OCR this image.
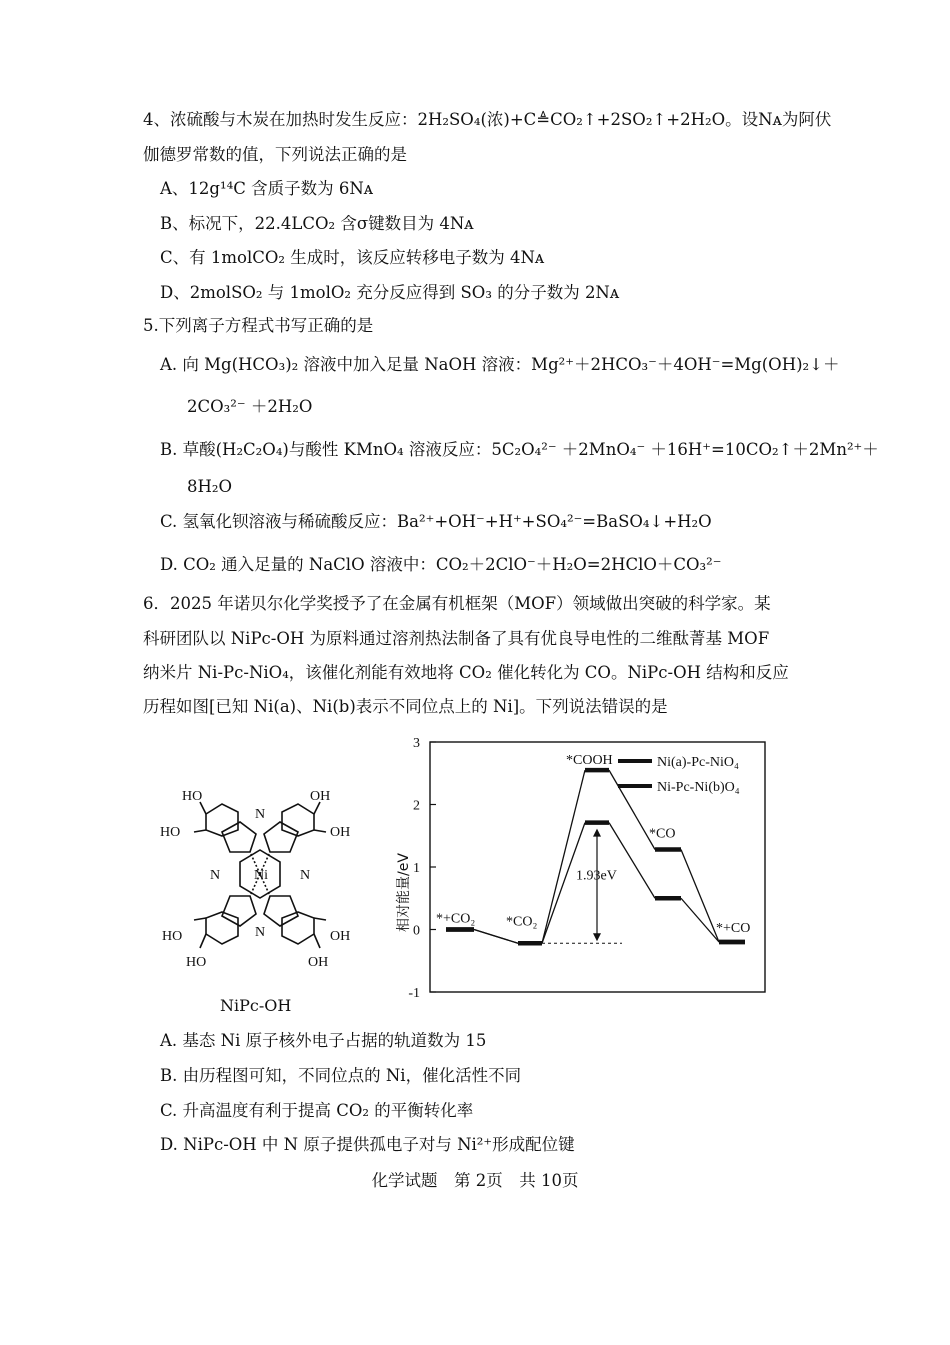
4、浓硫酸与木炭在加热时发生反应：2H₂SO₄(浓)+C≜CO₂↑+2SO₂↑+2H₂O。设Nᴀ为阿伏
伽德罗常数的值，下列说法正确的是
A、12g¹⁴C 含质子数为 6Nᴀ
B、标况下，22.4LCO₂ 含σ键数目为 4Nᴀ
C、有 1molCO₂ 生成时，该反应转移电子数为 4Nᴀ
D、2molSO₂ 与 1molO₂ 充分反应得到 SO₃ 的分子数为 2Nᴀ
5.下列离子方程式书写正确的是
A. 向 Mg(HCO₃)₂ 溶液中加入足量 NaOH 溶液：Mg²⁺＋2HCO₃⁻＋4OH⁻=Mg(OH)₂↓＋
2CO₃²⁻ ＋2H₂O
B. 草酸(H₂C₂O₄)与酸性 KMnO₄ 溶液反应：5C₂O₄²⁻ ＋2MnO₄⁻ ＋16H⁺=10CO₂↑＋2Mn²⁺＋
8H₂O
C. 氢氧化钡溶液与稀硫酸反应：Ba²⁺+OH⁻+H⁺+SO₄²⁻=BaSO₄↓+H₂O
D. CO₂ 通入足量的 NaClO 溶液中：CO₂＋2ClO⁻＋H₂O=2HClO＋CO₃²⁻
6．2025 年诺贝尔化学奖授予了在金属有机框架（MOF）领域做出突破的科学家。某
科研团队以 NiPc-OH 为原料通过溶剂热法制备了具有优良导电性的二维酞菁基 MOF
纳米片 Ni-Pc-NiO₄，该催化剂能有效地将 CO₂ 催化转化为 CO。NiPc-OH 结构和反应
历程如图[已知 Ni(a)、Ni(b)表示不同位点上的 Ni]。下列说法错误的是
Ni
N
N
N	N
HO
HO
OH
OH
HO
HO
OH
OH
NiPc-OH
3
2
1
0
-1
1.93eV
*+CO₂ *CO₂
*COOH
*CO
*+CO
相对能量/eV
Ni(a)-Pc-NiO₄
Ni-Pc-Ni(b)O₄
A. 基态 Ni 原子核外电子占据的轨道数为 15
B. 由历程图可知，不同位点的 Ni，催化活性不同
C. 升高温度有利于提高 CO₂ 的平衡转化率
D. NiPc-OH 中 N 原子提供孤电子对与 Ni²⁺形成配位键
化学试题　第 2页　共 10页
